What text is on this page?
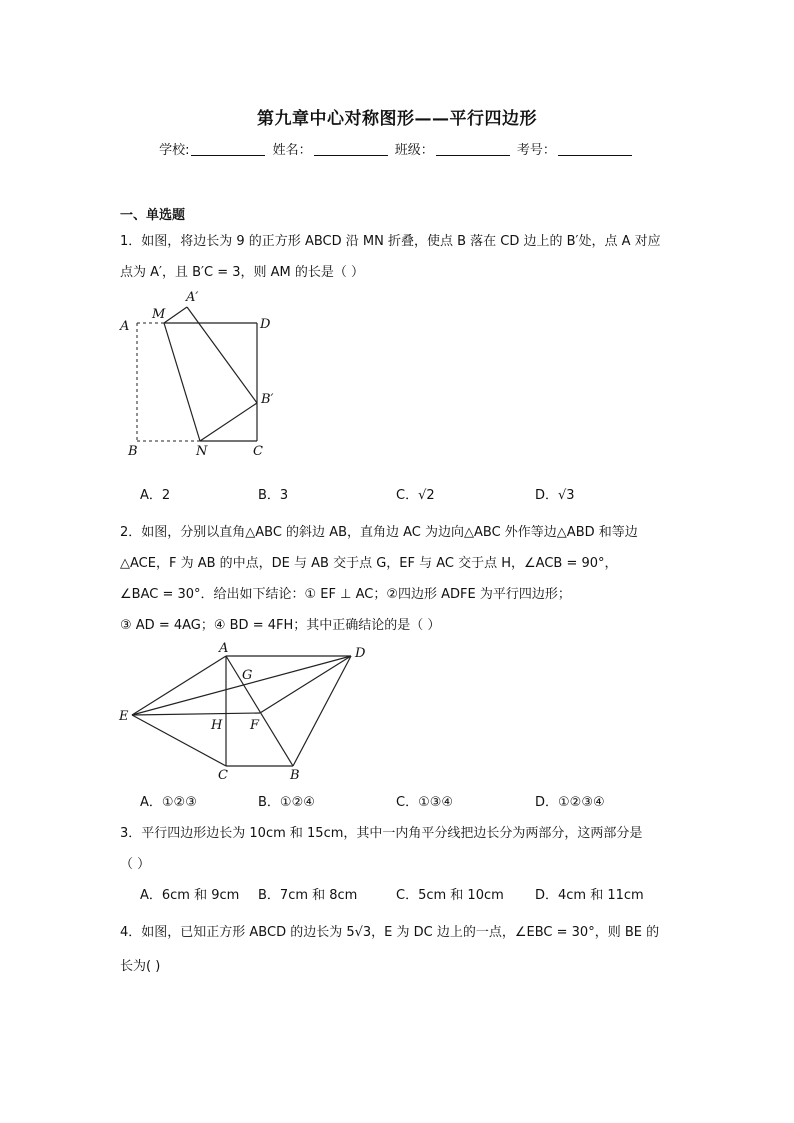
第九章中心对称图形——平行四边形
学校:	姓名：	班级：	考号：
一、单选题
1．如图，将边长为 9 的正方形 ABCD 沿 MN 折叠，使点 B 落在 CD 边上的 B′处，点 A 对应
点为 A′，且 B′C = 3，则 AM 的长是（ ）
A
M
A′
D
B′
B	N	C
A．2	B．3	C．√2	D．√3
2．如图，分别以直角△ABC 的斜边 AB，直角边 AC 为边向△ABC 外作等边△ABD 和等边
△ACE，F 为 AB 的中点，DE 与 AB 交于点 G，EF 与 AC 交于点 H，∠ACB = 90°，
∠BAC = 30°．给出如下结论：① EF ⊥ AC；②四边形 ADFE 为平行四边形；
③ AD = 4AG；④ BD = 4FH；其中正确结论的是（ ）
A	D
G
E
H F
C	B
A．①②③	B．①②④	C．①③④	D．①②③④
3．平行四边形边长为 10cm 和 15cm，其中一内角平分线把边长分为两部分，这两部分是
（ ）
A．6cm 和 9cm B．7cm 和 8cm	C．5cm 和 10cm D．4cm 和 11cm
4．如图，已知正方形 ABCD 的边长为 5√3，E 为 DC 边上的一点，∠EBC = 30°，则 BE 的
长为( )
